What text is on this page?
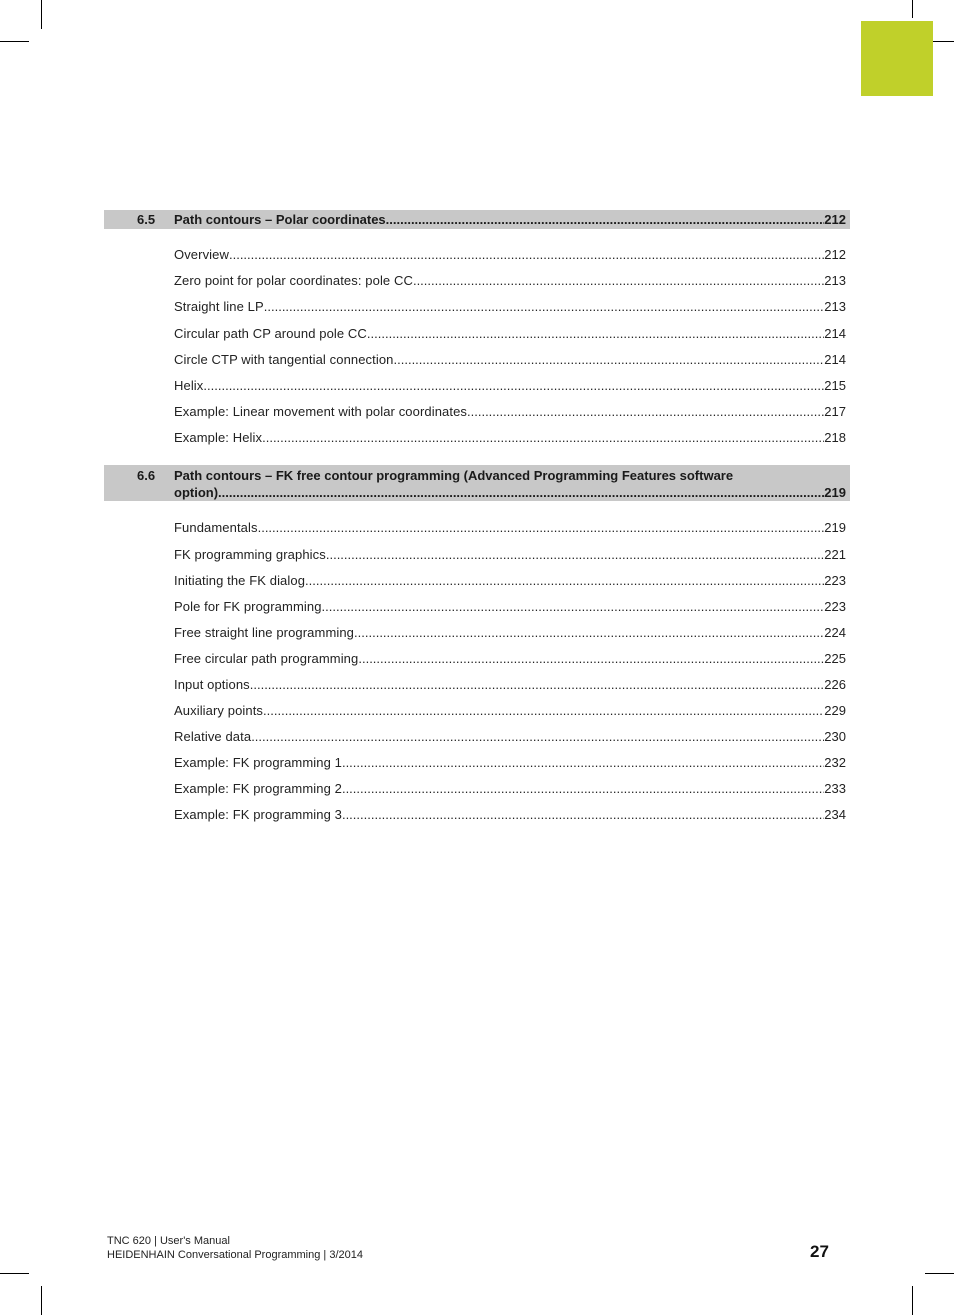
6.5 Path contours – Polar coordinates .....	212
Overview .....	212
Zero point for polar coordinates: pole CC .....	213
Straight line LP .....	213
Circular path CP around pole CC .....	214
Circle CTP with tangential connection .....	214
Helix .....	215
Example: Linear movement with polar coordinates .....	217
Example: Helix .....	218
6.6 Path contours – FK free contour programming (Advanced Programming Features software
option) .....	219
Fundamentals .....	219
FK programming graphics .....	221
Initiating the FK dialog .....	223
Pole for FK programming .....	223
Free straight line programming .....	224
Free circular path programming .....	225
Input options .....	226
Auxiliary points .....	229
Relative data .....	230
Example: FK programming 1 .....	232
Example: FK programming 2 .....	233
Example: FK programming 3 .....	234
TNC 620 | User's Manual
HEIDENHAIN Conversational Programming | 3/2014	27
